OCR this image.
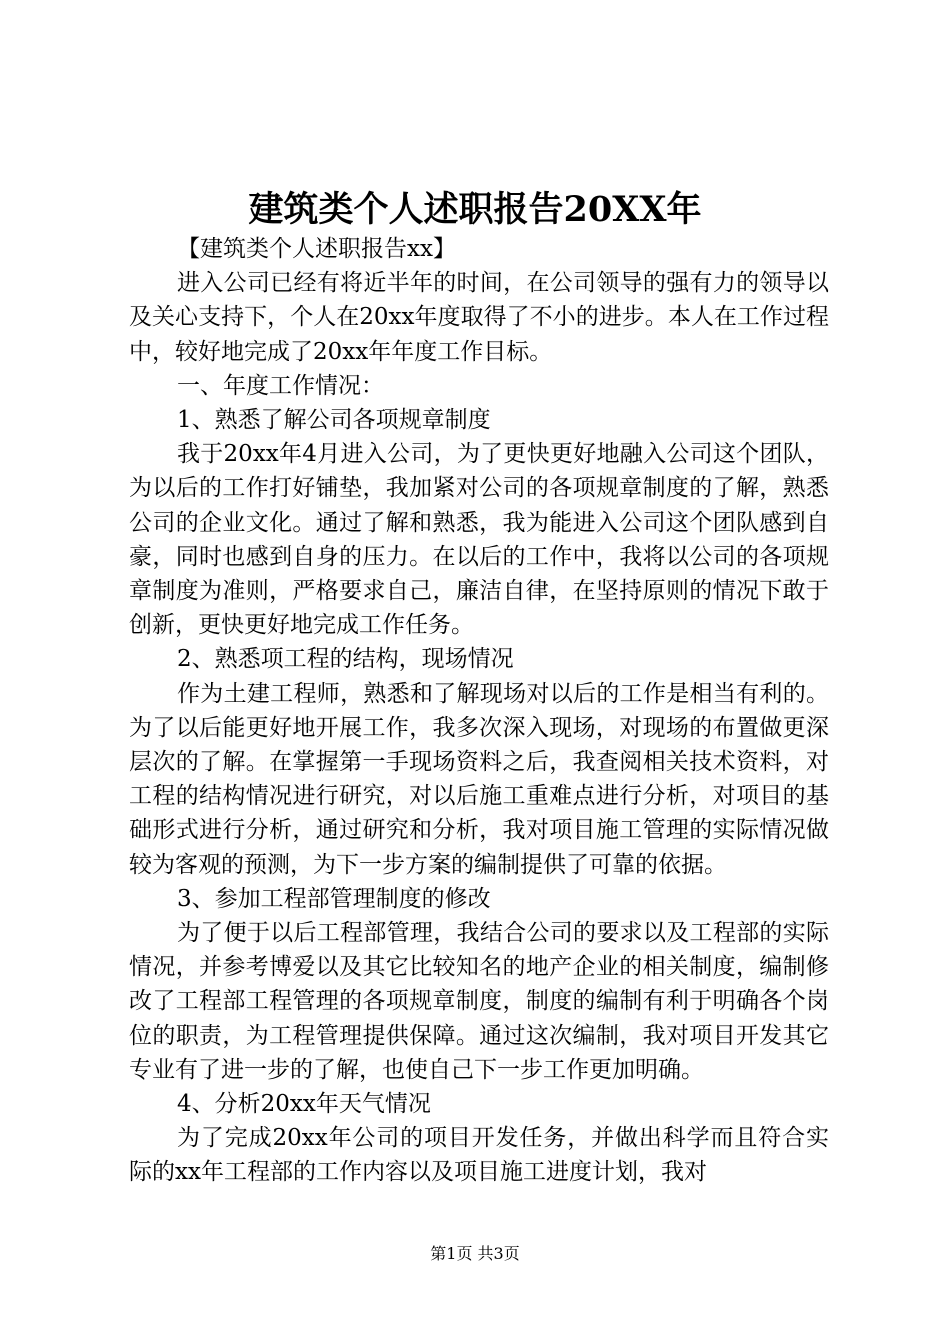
建筑类个人述职报告20XX年

【建筑类个人述职报告xx】

进入公司已经有将近半年的时间，在公司领导的强有力的领导以及关心支持下，个人在20xx年度取得了不小的进步。本人在工作过程中，较好地完成了20xx年年度工作目标。

一、年度工作情况：

1、熟悉了解公司各项规章制度

我于20xx年4月进入公司，为了更快更好地融入公司这个团队，为以后的工作打好铺垫，我加紧对公司的各项规章制度的了解，熟悉公司的企业文化。通过了解和熟悉，我为能进入公司这个团队感到自豪，同时也感到自身的压力。在以后的工作中，我将以公司的各项规章制度为准则，严格要求自己，廉洁自律，在坚持原则的情况下敢于创新，更快更好地完成工作任务。

2、熟悉项工程的结构，现场情况

作为土建工程师，熟悉和了解现场对以后的工作是相当有利的。为了以后能更好地开展工作，我多次深入现场，对现场的布置做更深层次的了解。在掌握第一手现场资料之后，我查阅相关技术资料，对工程的结构情况进行研究，对以后施工重难点进行分析，对项目的基础形式进行分析，通过研究和分析，我对项目施工管理的实际情况做较为客观的预测，为下一步方案的编制提供了可靠的依据。

3、参加工程部管理制度的修改

为了便于以后工程部管理，我结合公司的要求以及工程部的实际情况，并参考博爱以及其它比较知名的地产企业的相关制度，编制修改了工程部工程管理的各项规章制度，制度的编制有利于明确各个岗位的职责，为工程管理提供保障。通过这次编制，我对项目开发其它专业有了进一步的了解，也使自己下一步工作更加明确。

4、分析20xx年天气情况

为了完成20xx年公司的项目开发任务，并做出科学而且符合实际的xx年工程部的工作内容以及项目施工进度计划，我对

第1页 共3页
